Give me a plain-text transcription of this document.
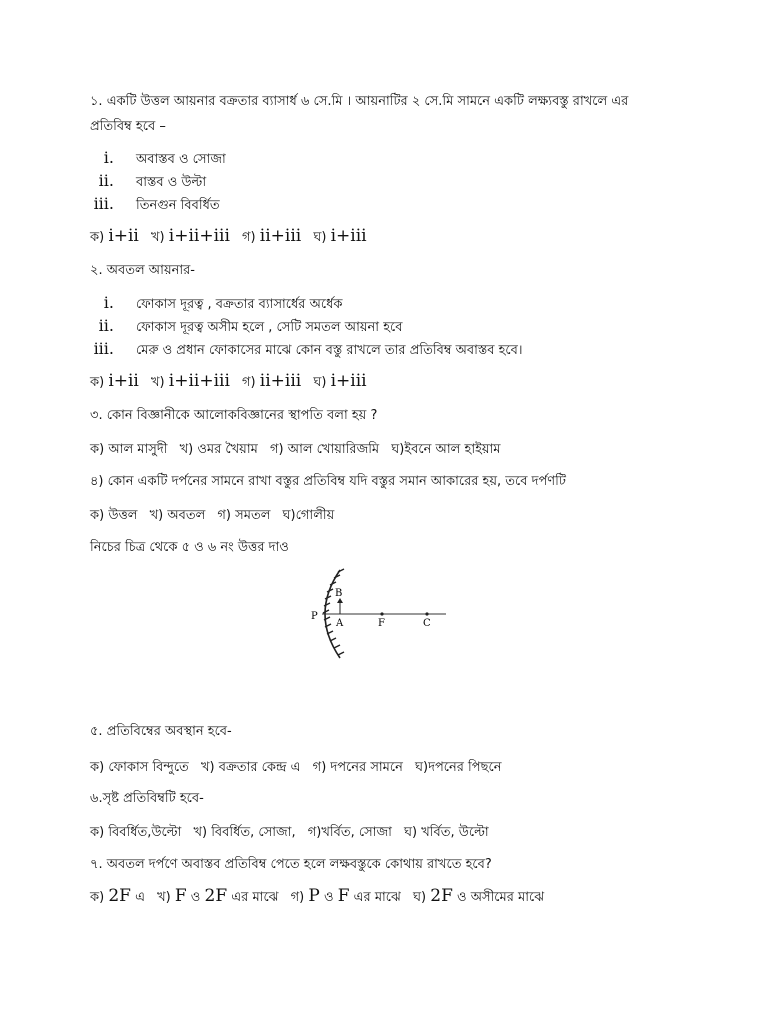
১. একটি উত্তল আয়নার বক্রতার ব্যাসার্ধ ৬ সে.মি । আয়নাটির ২ সে.মি সামনে একটি লক্ষ্যবস্তু রাখলে এর
প্রতিবিম্ব হবে –
i. অবাস্তব ও সোজা
ii. বাস্তব ও উল্টা
iii. তিনগুন বিবর্ধিত
ক) i+ii খ) i+ii+iii গ) ii+iii ঘ) i+iii
২. অবতল আয়নার-
i. ফোকাস দূরত্ব , বক্রতার ব্যাসার্ধের অর্ধেক
ii. ফোকাস দূরত্ব অসীম হলে , সেটি সমতল আয়না হবে
iii. মেরু ও প্রধান ফোকাসের মাঝে কোন বস্তু রাখলে তার প্রতিবিম্ব অবাস্তব হবে।
ক) i+ii খ) i+ii+iii গ) ii+iii ঘ) i+iii
৩. কোন বিজ্ঞানীকে আলোকবিজ্ঞানের স্থাপতি বলা হয় ?
ক) আল মাসুদী খ) ওমর খৈয়াম গ) আল খোয়ারিজমি ঘ)ইবনে আল হাইয়াম
৪) কোন একটি দর্পনের সামনে রাখা বস্তুর প্রতিবিম্ব যদি বস্তুর সমান আকারের হয়, তবে দর্পণটি
ক) উত্তল খ) অবতল গ) সমতল ঘ)গোলীয়
নিচের চিত্র থেকে ৫ ও ৬ নং উত্তর দাও
P
A
B
F	C
৫. প্রতিবিম্বের অবস্থান হবে-
ক) ফোকাস বিন্দুতে খ) বক্রতার কেন্দ্র এ গ) দপনের সামনে ঘ)দপনের পিছনে
৬.সৃষ্ট প্রতিবিম্বটি হবে-
ক) বিবর্ধিত,উল্টো খ) বিবর্ধিত, সোজা, গ)খর্বিত, সোজা ঘ) খর্বিত, উল্টো
৭. অবতল দর্পণে অবাস্তব প্রতিবিম্ব পেতে হলে লক্ষবস্তুকে কোথায় রাখতে হবে?
ক) 2F এ খ) F ও 2F এর মাঝে গ) P ও F এর মাঝে ঘ) 2F ও অসীমের মাঝে
